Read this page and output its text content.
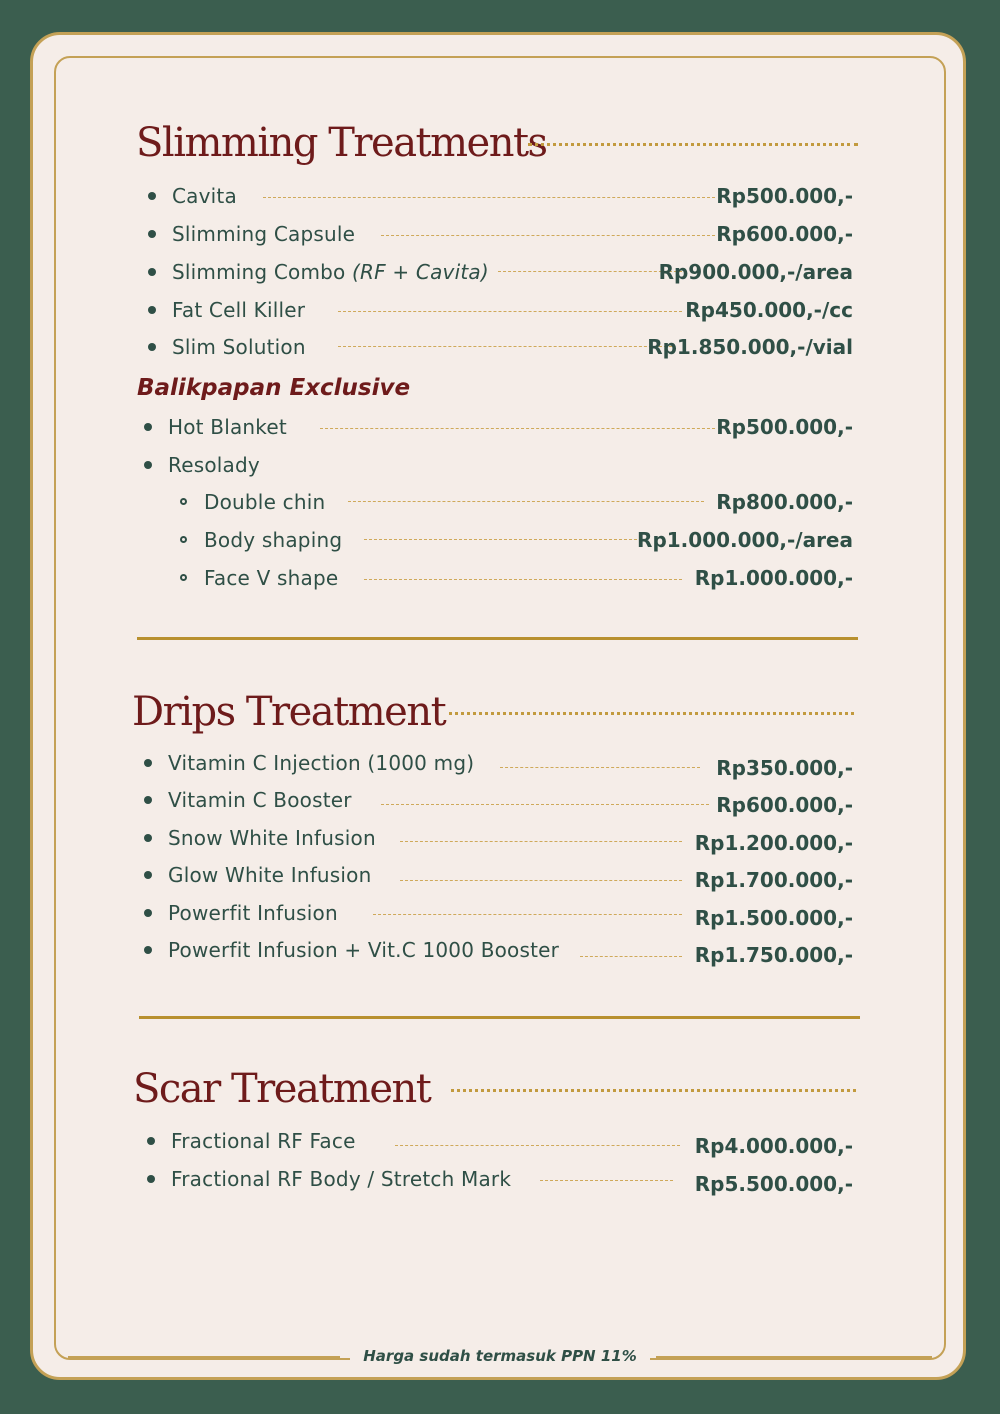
Slimming Treatments
Cavita	Rp500.000,-
Slimming Capsule	Rp600.000,-
Slimming Combo (RF + Cavita)	Rp900.000,-/area
Fat Cell Killer	Rp450.000,-/cc
Slim Solution	Rp1.850.000,-/vial
Balikpapan Exclusive
Hot Blanket	Rp500.000,-
Resolady
Double chin	Rp800.000,-
Body shaping	Rp1.000.000,-/area
Face V shape	Rp1.000.000,-
Drips Treatment
Vitamin C Injection (1000 mg)	Rp350.000,-
Vitamin C Booster	Rp600.000,-
Snow White Infusion	Rp1.200.000,-
Glow White Infusion	Rp1.700.000,-
Powerfit Infusion	Rp1.500.000,-
Powerfit Infusion + Vit.C 1000 Booster	Rp1.750.000,-
Scar Treatment
Fractional RF Face	Rp4.000.000,-
Fractional RF Body / Stretch Mark	Rp5.500.000,-
Harga sudah termasuk PPN 11%
